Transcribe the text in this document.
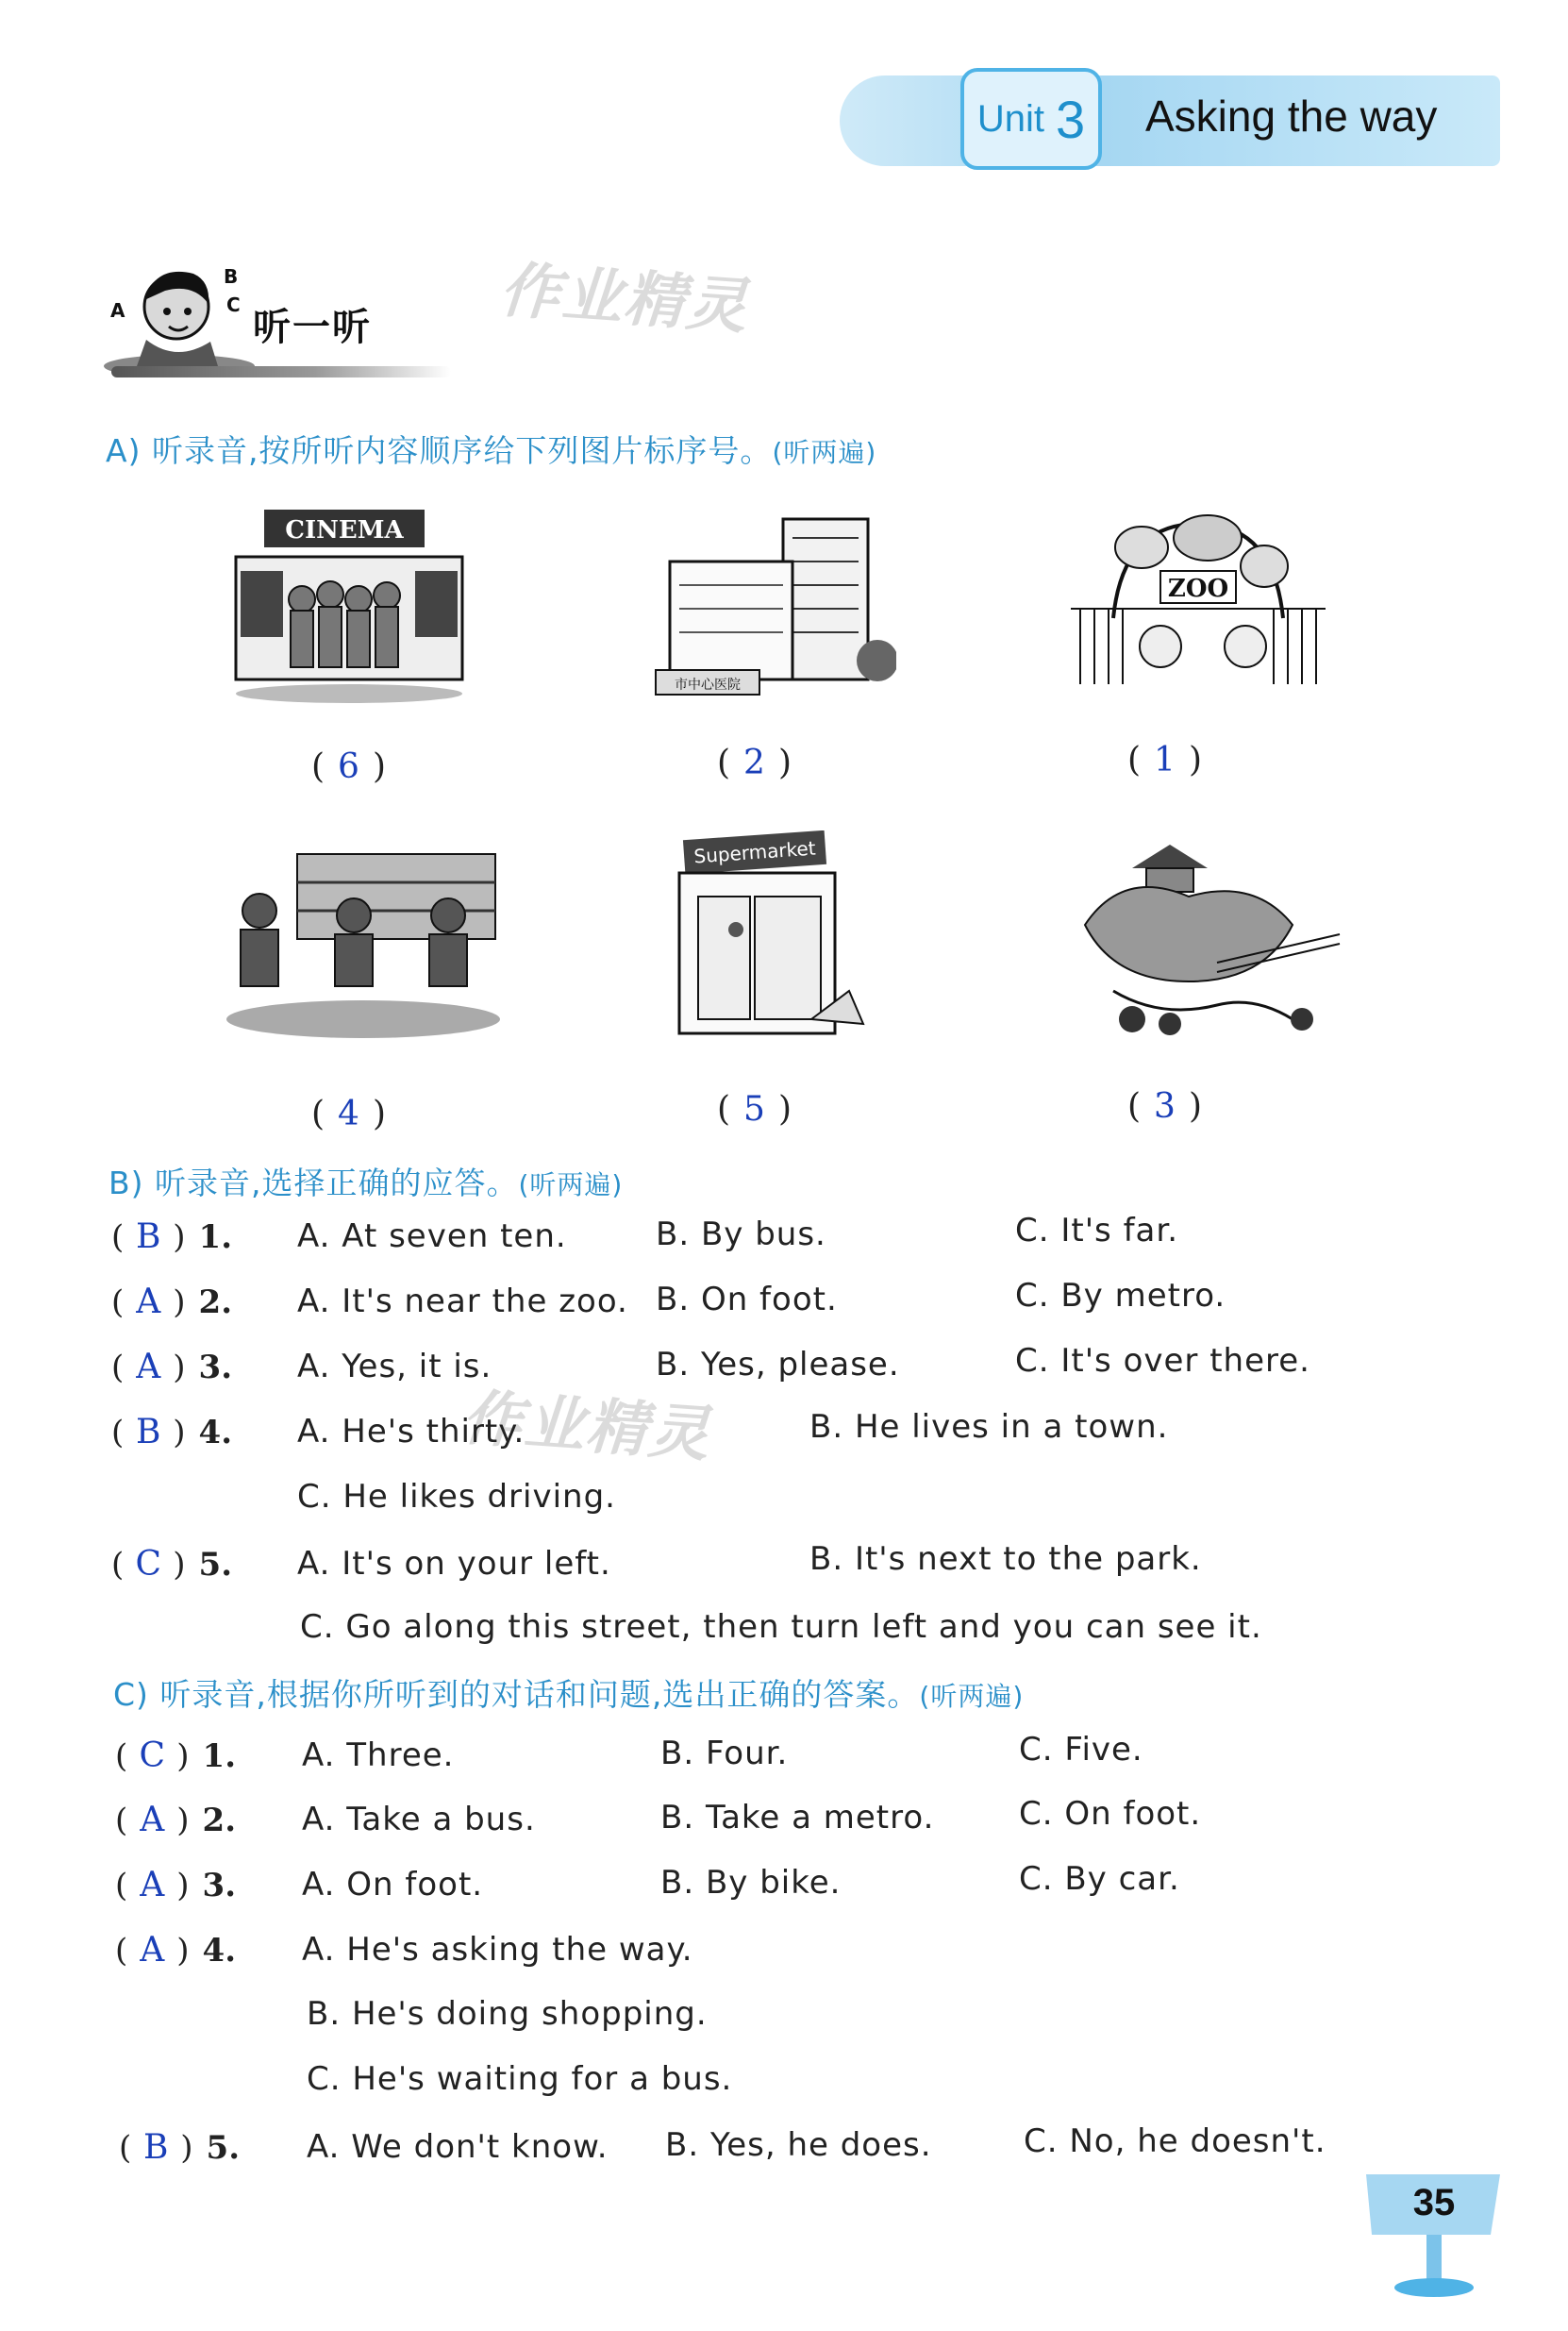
Unit 3 Asking the way
A
B
C
听一听 作业精灵
作业精灵
A) 听录音,按所听内容顺序给下列图片标序号。(听两遍)
CINEMA
( 6 )
市中心医院
( 2 )
ZOO
( 1 )
( 4 )
Supermarket
( 5 )	( 3 )
B) 听录音,选择正确的应答。(听两遍)
( B ) 1.	A. At seven ten.	B. By bus.	C. It's far.
( A ) 2.	A. It's near the zoo. B. On foot.	C. By metro.
( A ) 3.	A. Yes, it is.	B. Yes, please.	C. It's over there.
( B ) 4.	A. He's thirty.	B. He lives in a town.
C. He likes driving.
( C ) 5.	A. It's on your left.	B. It's next to the park.
C. Go along this street, then turn left and you can see it.
C) 听录音,根据你所听到的对话和问题,选出正确的答案。(听两遍)
( C ) 1.	A. Three.	B. Four.	C. Five.
( A ) 2.	A. Take a bus.	B. Take a metro.	C. On foot.
( A ) 3.	A. On foot.	B. By bike.	C. By car.
( A ) 4.	A. He's asking the way.
B. He's doing shopping.
C. He's waiting for a bus.
( B ) 5.	A. We don't know. B. Yes, he does.	C. No, he doesn't.
35
